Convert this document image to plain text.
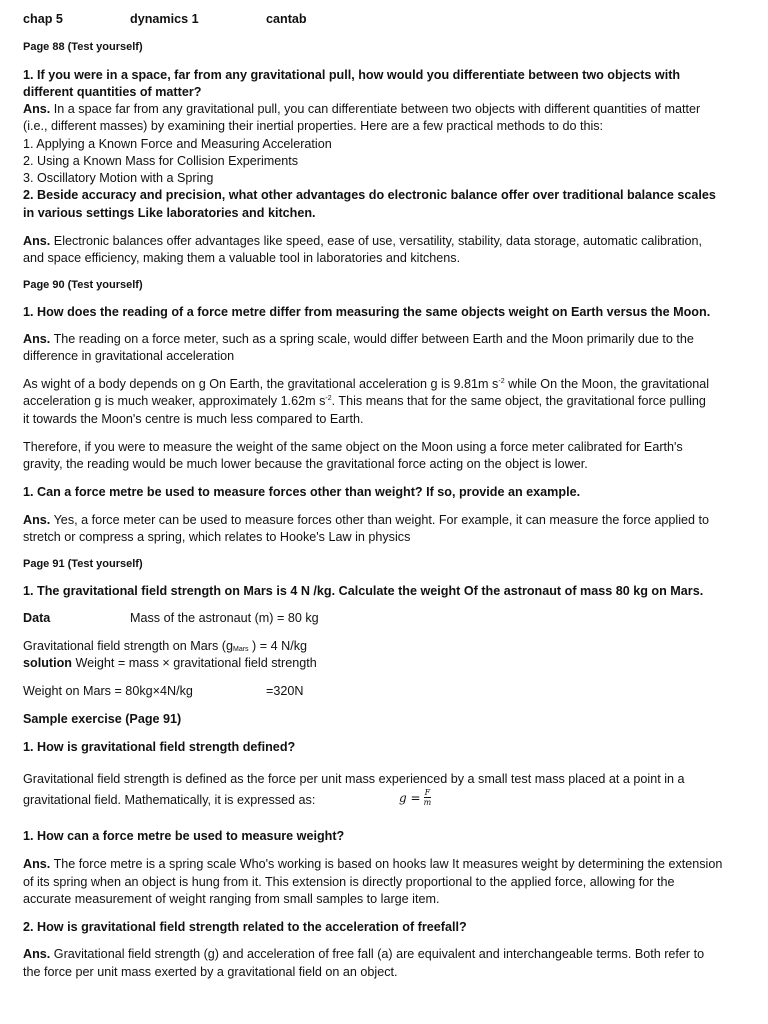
chap 5	dynamics 1	cantab
Page 88 (Test yourself)
1. If you were in a space, far from any gravitational pull, how would you differentiate between two objects with
different quantities of matter?
Ans. In a space far from any gravitational pull, you can differentiate between two objects with different quantities of matter
(i.e., different masses) by examining their inertial properties. Here are a few practical methods to do this:
1. Applying a Known Force and Measuring Acceleration
2. Using a Known Mass for Collision Experiments
3. Oscillatory Motion with a Spring
2. Beside accuracy and precision, what other advantages do electronic balance offer over traditional balance scales
in various settings Like laboratories and kitchen.
Ans. Electronic balances offer advantages like speed, ease of use, versatility, stability, data storage, automatic calibration,
and space efficiency, making them a valuable tool in laboratories and kitchens.
Page 90 (Test yourself)
1. How does the reading of a force metre differ from measuring the same objects weight on Earth versus the Moon.
Ans. The reading on a force meter, such as a spring scale, would differ between Earth and the Moon primarily due to the
difference in gravitational acceleration
As wight of a body depends on g On Earth, the gravitational acceleration g is 9.81m $s^{-2}$ while On the Moon, the gravitational
acceleration g is much weaker, approximately 1.62m $s^{-2}$. This means that for the same object, the gravitational force pulling
it towards the Moon's centre is much less compared to Earth.
Therefore, if you were to measure the weight of the same object on the Moon using a force meter calibrated for Earth's
gravity, the reading would be much lower because the gravitational force acting on the object is lower.
1. Can a force metre be used to measure forces other than weight? If so, provide an example.
Ans. Yes, a force meter can be used to measure forces other than weight. For example, it can measure the force applied to
stretch or compress a spring, which relates to Hooke's Law in physics
Page 91 (Test yourself)
1. The gravitational field strength on Mars is 4 N /kg. Calculate the weight Of the astronaut of mass 80 kg on Mars.
Data	Mass of the astronaut (m) = 80 kg
Gravitational field strength on Mars ($g_{Mars}$ ) = 4 N/kg
solution Weight = mass × gravitational field strength
Weight on Mars = 80kg×4N/kg	=320N
Sample exercise (Page 91)
1. How is gravitational field strength defined?
Gravitational field strength is defined as the force per unit mass experienced by a small test mass placed at a point in a
gravitational field. Mathematically, it is expressed as:	$g = \frac{F}{m}$
1. How can a force metre be used to measure weight?
Ans. The force metre is a spring scale Who's working is based on hooks law It measures weight by determining the extension
of its spring when an object is hung from it. This extension is directly proportional to the applied force, allowing for the
accurate measurement of weight ranging from small samples to large item.
2. How is gravitational field strength related to the acceleration of freefall?
Ans. Gravitational field strength (g) and acceleration of free fall (a) are equivalent and interchangeable terms. Both refer to
the force per unit mass exerted by a gravitational field on an object.
